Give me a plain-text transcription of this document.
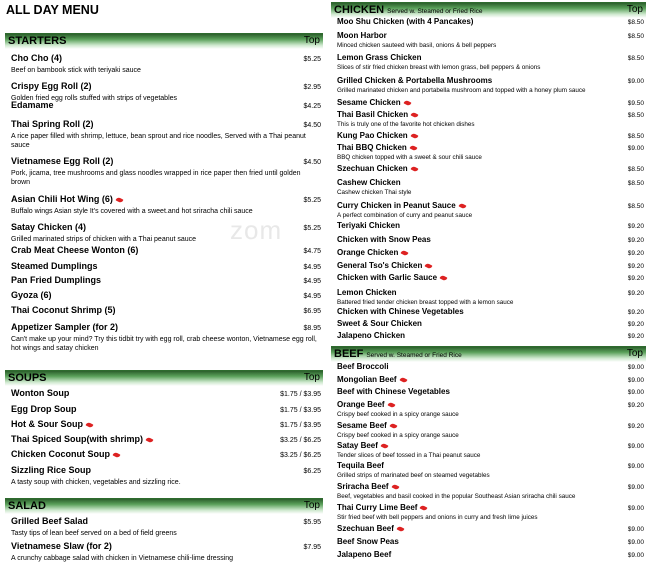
ALL DAY MENU
zom
STARTERS	Top
Cho Cho (4)	$5.25
Beef on bambook stick with teriyaki sauce
Crispy Egg Roll (2)	$2.95
Golden fried egg rolls stuffed with strips of vegetables
Edamame	$4.25
Thai Spring Roll (2)	$4.50
A rice paper filled with shrimp, lettuce, bean sprout and rice noodles, Served with a Thai peanut sauce
Vietnamese Egg Roll (2)	$4.50
Pork, jicama, tree mushrooms and glass noodles wrapped in rice paper then fried until golden brown
Asian Chili Hot Wing (6)	$5.25
Buffalo wings Asian style It's covered with a sweet.and hot sriracha chili sauce
Satay Chicken (4)	$5.25
Grilled marinated strips of chicken with a Thai peanut sauce
Crab Meat Cheese Wonton (6)	$4.75
Steamed Dumplings	$4.95
Pan Fried Dumplings	$4.95
Gyoza (6)	$4.95
Thai Coconut Shrimp (5)	$6.95
Appetizer Sampler (for 2)	$8.95
Can't make up your mind? Try this tidbit try with egg roll, crab cheese wonton, Vietnamese egg roll, hot wings and satay chicken
SOUPS	Top
Wonton Soup	$1.75 / $3.95
Egg Drop Soup	$1.75 / $3.95
Hot & Sour Soup	$1.75 / $3.95
Thai Spiced Soup(with shrimp)	$3.25 / $6.25
Chicken Coconut Soup	$3.25 / $6.25
Sizzling Rice Soup	$6.25
A tasty soup with chicken, vegetables and sizzling rice.
SALAD	Top
Grilled Beef Salad	$5.95
Tasty tips of lean beef served on a bed of field greens
Vietnamese Slaw (for 2)	$7.95
A crunchy cabbage salad with chicken in Vietnamese chili-lime dressing
CHICKEN Served w. Steamed or Fried Rice	Top
Moo Shu Chicken (with 4 Pancakes)	$8.50
Moon Harbor	$8.50
Minced chicken sauteed with basil, onions & bell peppers
Lemon Grass Chicken	$8.50
Slices of stir fried chicken breast with lemon grass, bell peppers & onions
Grilled Chicken & Portabella Mushrooms	$9.00
Grilled marinated chicken and portabella mushroom and topped with a honey plum sauce
Sesame Chicken	$9.50
Thai Basil Chicken	$8.50
This is truly one of the favorite hot chicken dishes
Kung Pao Chicken	$8.50
Thai BBQ Chicken	$9.00
BBQ chicken topped with a sweet & sour chili sauce
Szechuan Chicken	$8.50
Cashew Chicken	$8.50
Cashew chicken Thai style
Curry Chicken in Peanut Sauce	$8.50
A perfect combination of curry and peanut sauce
Teriyaki Chicken	$9.20
Chicken with Snow Peas	$9.20
Orange Chicken	$9.20
General Tso's Chicken	$9.20
Chicken with Garlic Sauce	$9.20
Lemon Chicken	$9.20
Battered fried tender chicken breast topped with a lemon sauce
Chicken with Chinese Vegetables	$9.20
Sweet & Sour Chicken	$9.20
Jalapeno Chicken	$9.20
BEEF Served w. Steamed or Fried Rice	Top
Beef Broccoli	$9.00
Mongolian Beef	$9.00
Beef with Chinese Vegetables	$9.00
Orange Beef	$9.20
Crispy beef cooked in a spicy orange sauce
Sesame Beef	$9.20
Crispy beef cooked in a spicy orange sauce
Satay Beef	$9.00
Tender slices of beef tossed in a Thai peanut sauce
Tequila Beef	$9.00
Grilled strips of marinated beef on steamed vegetables
Sriracha Beef	$9.00
Beef, vegetables and basil cooked in the popular Southeast Asian sriracha chili sauce
Thai Curry Lime Beef	$9.00
Stir fried beef with bell peppers and onions in curry and fresh lime juices
Szechuan Beef	$9.00
Beef Snow Peas	$9.00
Jalapeno Beef	$9.00
